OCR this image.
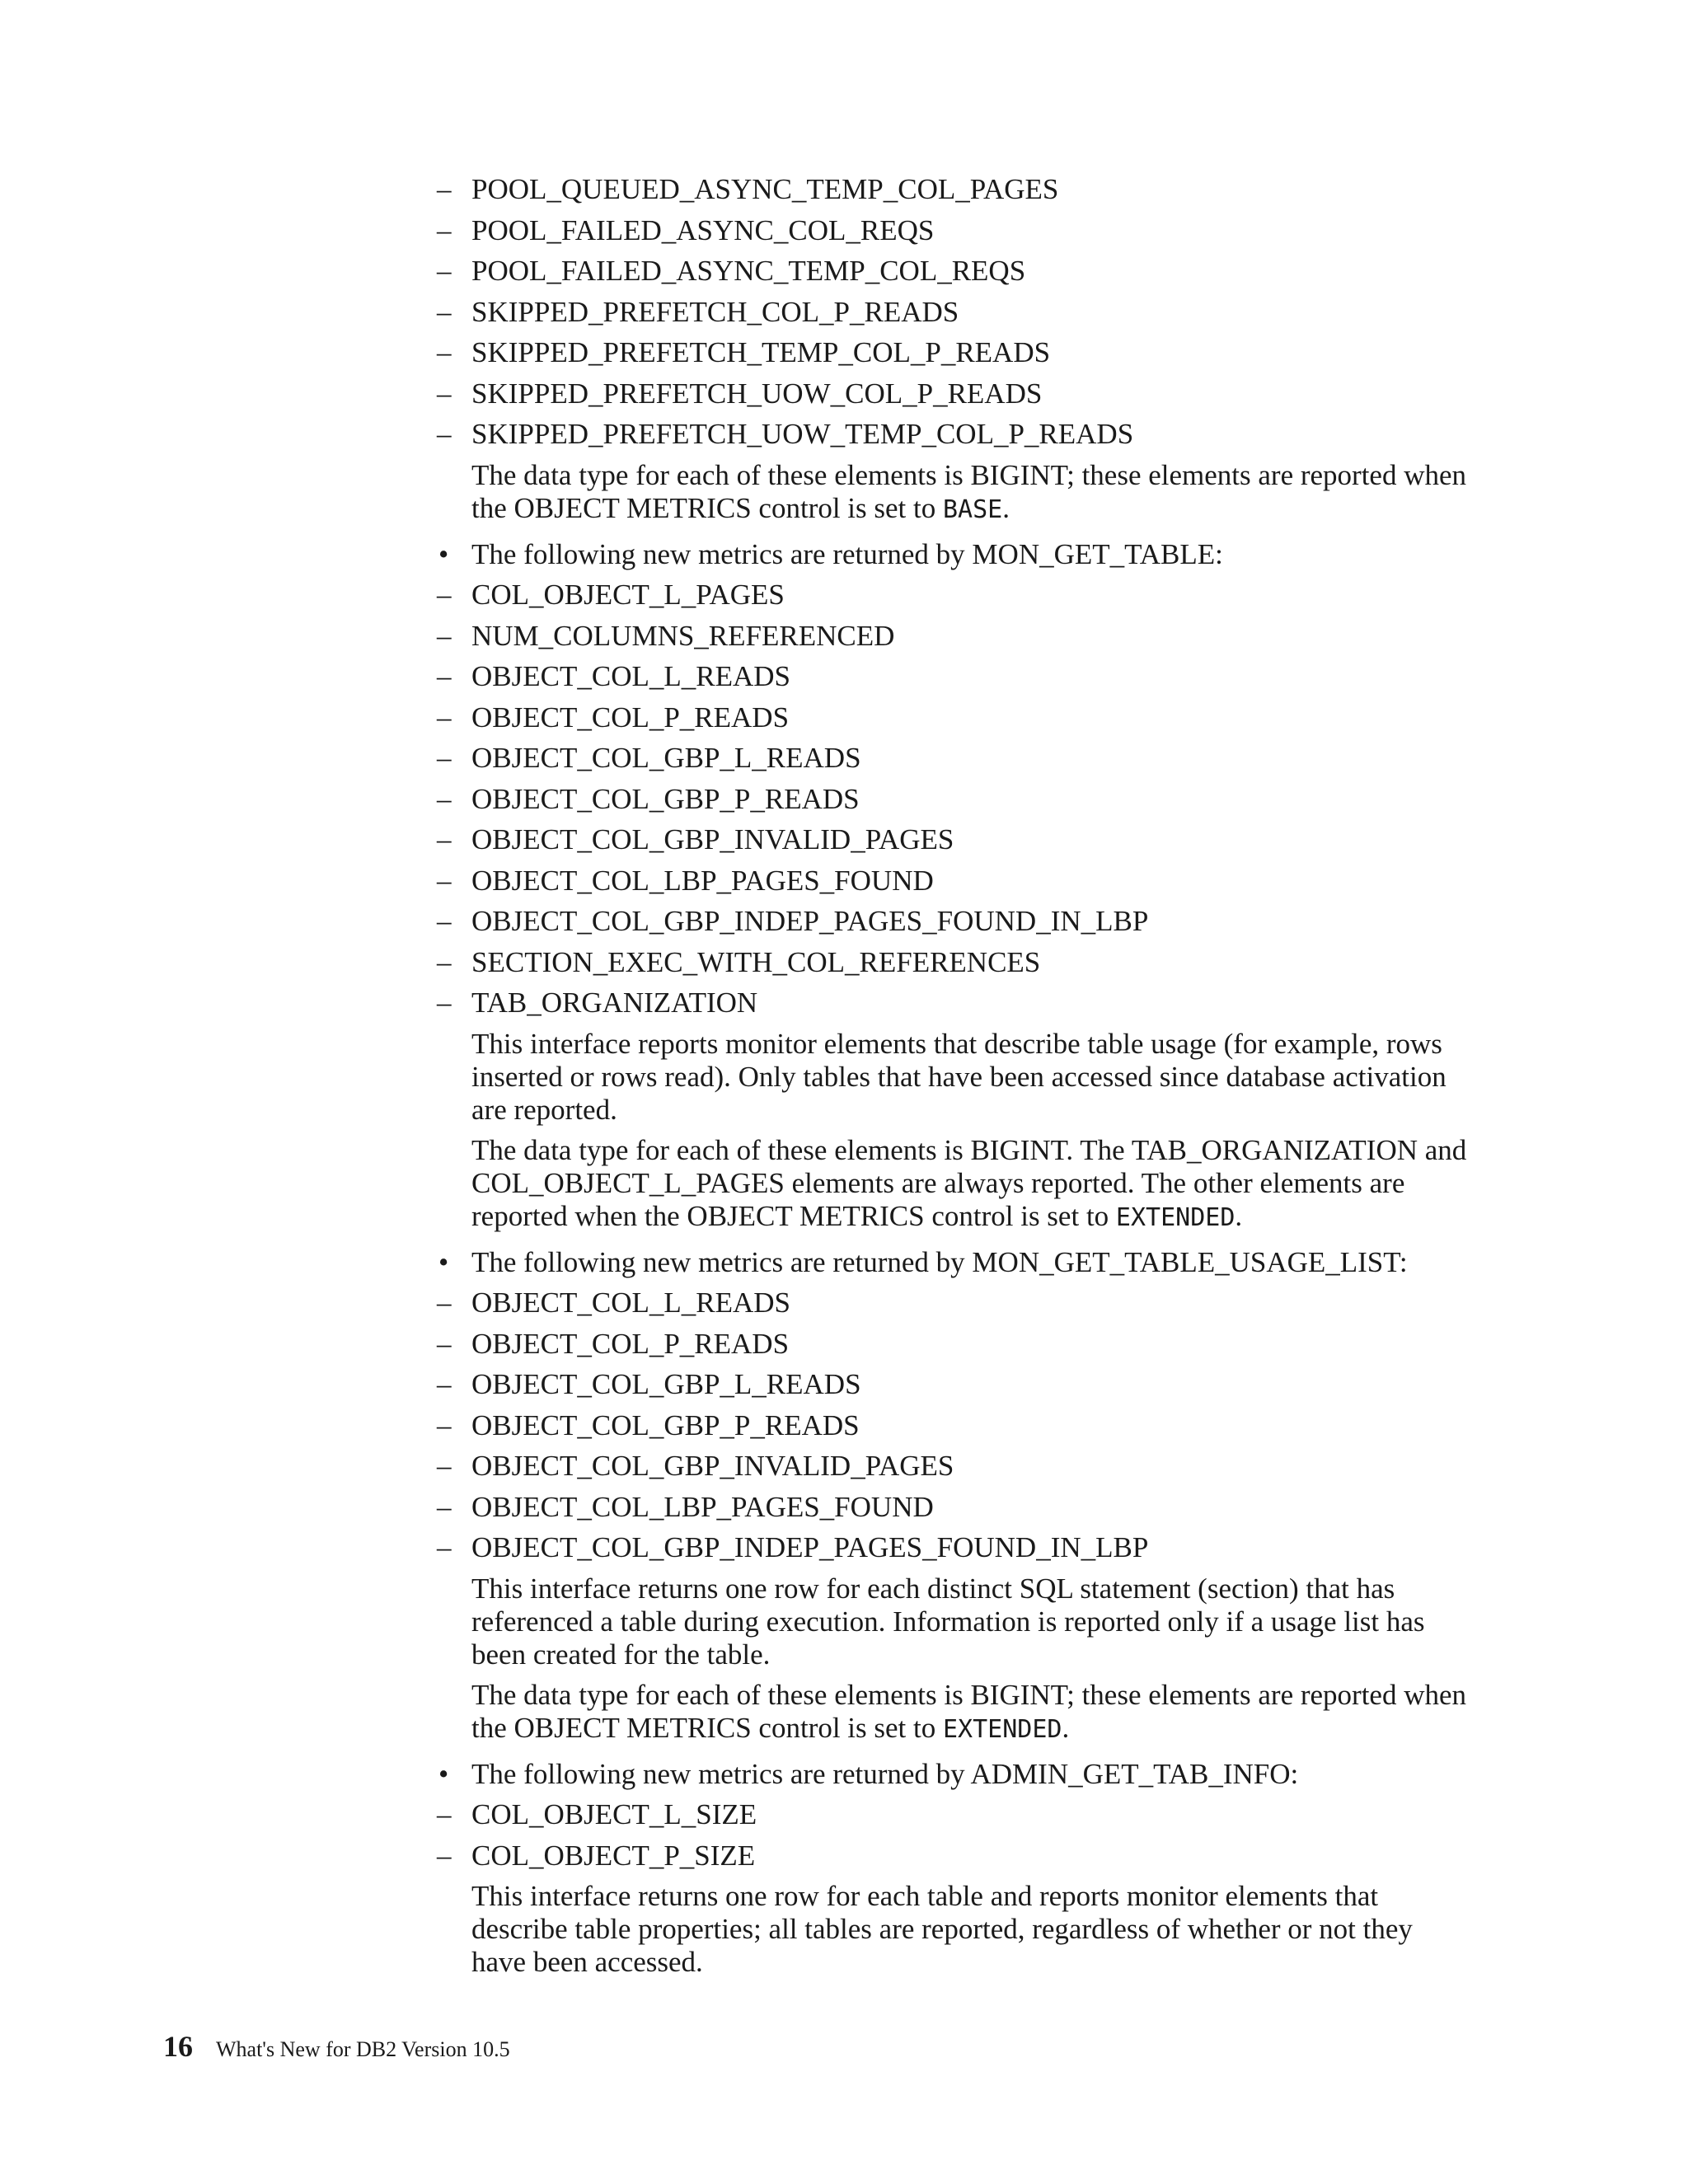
– POOL_QUEUED_ASYNC_TEMP_COL_PAGES
– POOL_FAILED_ASYNC_COL_REQS
– POOL_FAILED_ASYNC_TEMP_COL_REQS
– SKIPPED_PREFETCH_COL_P_READS
– SKIPPED_PREFETCH_TEMP_COL_P_READS
– SKIPPED_PREFETCH_UOW_COL_P_READS
– SKIPPED_PREFETCH_UOW_TEMP_COL_P_READS
The data type for each of these elements is BIGINT; these elements are reported when the OBJECT METRICS control is set to BASE.
• The following new metrics are returned by MON_GET_TABLE:
– COL_OBJECT_L_PAGES
– NUM_COLUMNS_REFERENCED
– OBJECT_COL_L_READS
– OBJECT_COL_P_READS
– OBJECT_COL_GBP_L_READS
– OBJECT_COL_GBP_P_READS
– OBJECT_COL_GBP_INVALID_PAGES
– OBJECT_COL_LBP_PAGES_FOUND
– OBJECT_COL_GBP_INDEP_PAGES_FOUND_IN_LBP
– SECTION_EXEC_WITH_COL_REFERENCES
– TAB_ORGANIZATION
This interface reports monitor elements that describe table usage (for example, rows inserted or rows read). Only tables that have been accessed since database activation are reported.
The data type for each of these elements is BIGINT. The TAB_ORGANIZATION and COL_OBJECT_L_PAGES elements are always reported. The other elements are reported when the OBJECT METRICS control is set to EXTENDED.
• The following new metrics are returned by MON_GET_TABLE_USAGE_LIST:
– OBJECT_COL_L_READS
– OBJECT_COL_P_READS
– OBJECT_COL_GBP_L_READS
– OBJECT_COL_GBP_P_READS
– OBJECT_COL_GBP_INVALID_PAGES
– OBJECT_COL_LBP_PAGES_FOUND
– OBJECT_COL_GBP_INDEP_PAGES_FOUND_IN_LBP
This interface returns one row for each distinct SQL statement (section) that has referenced a table during execution. Information is reported only if a usage list has been created for the table.
The data type for each of these elements is BIGINT; these elements are reported when the OBJECT METRICS control is set to EXTENDED.
• The following new metrics are returned by ADMIN_GET_TAB_INFO:
– COL_OBJECT_L_SIZE
– COL_OBJECT_P_SIZE
This interface returns one row for each table and reports monitor elements that describe table properties; all tables are reported, regardless of whether or not they have been accessed.
16 What's New for DB2 Version 10.5
